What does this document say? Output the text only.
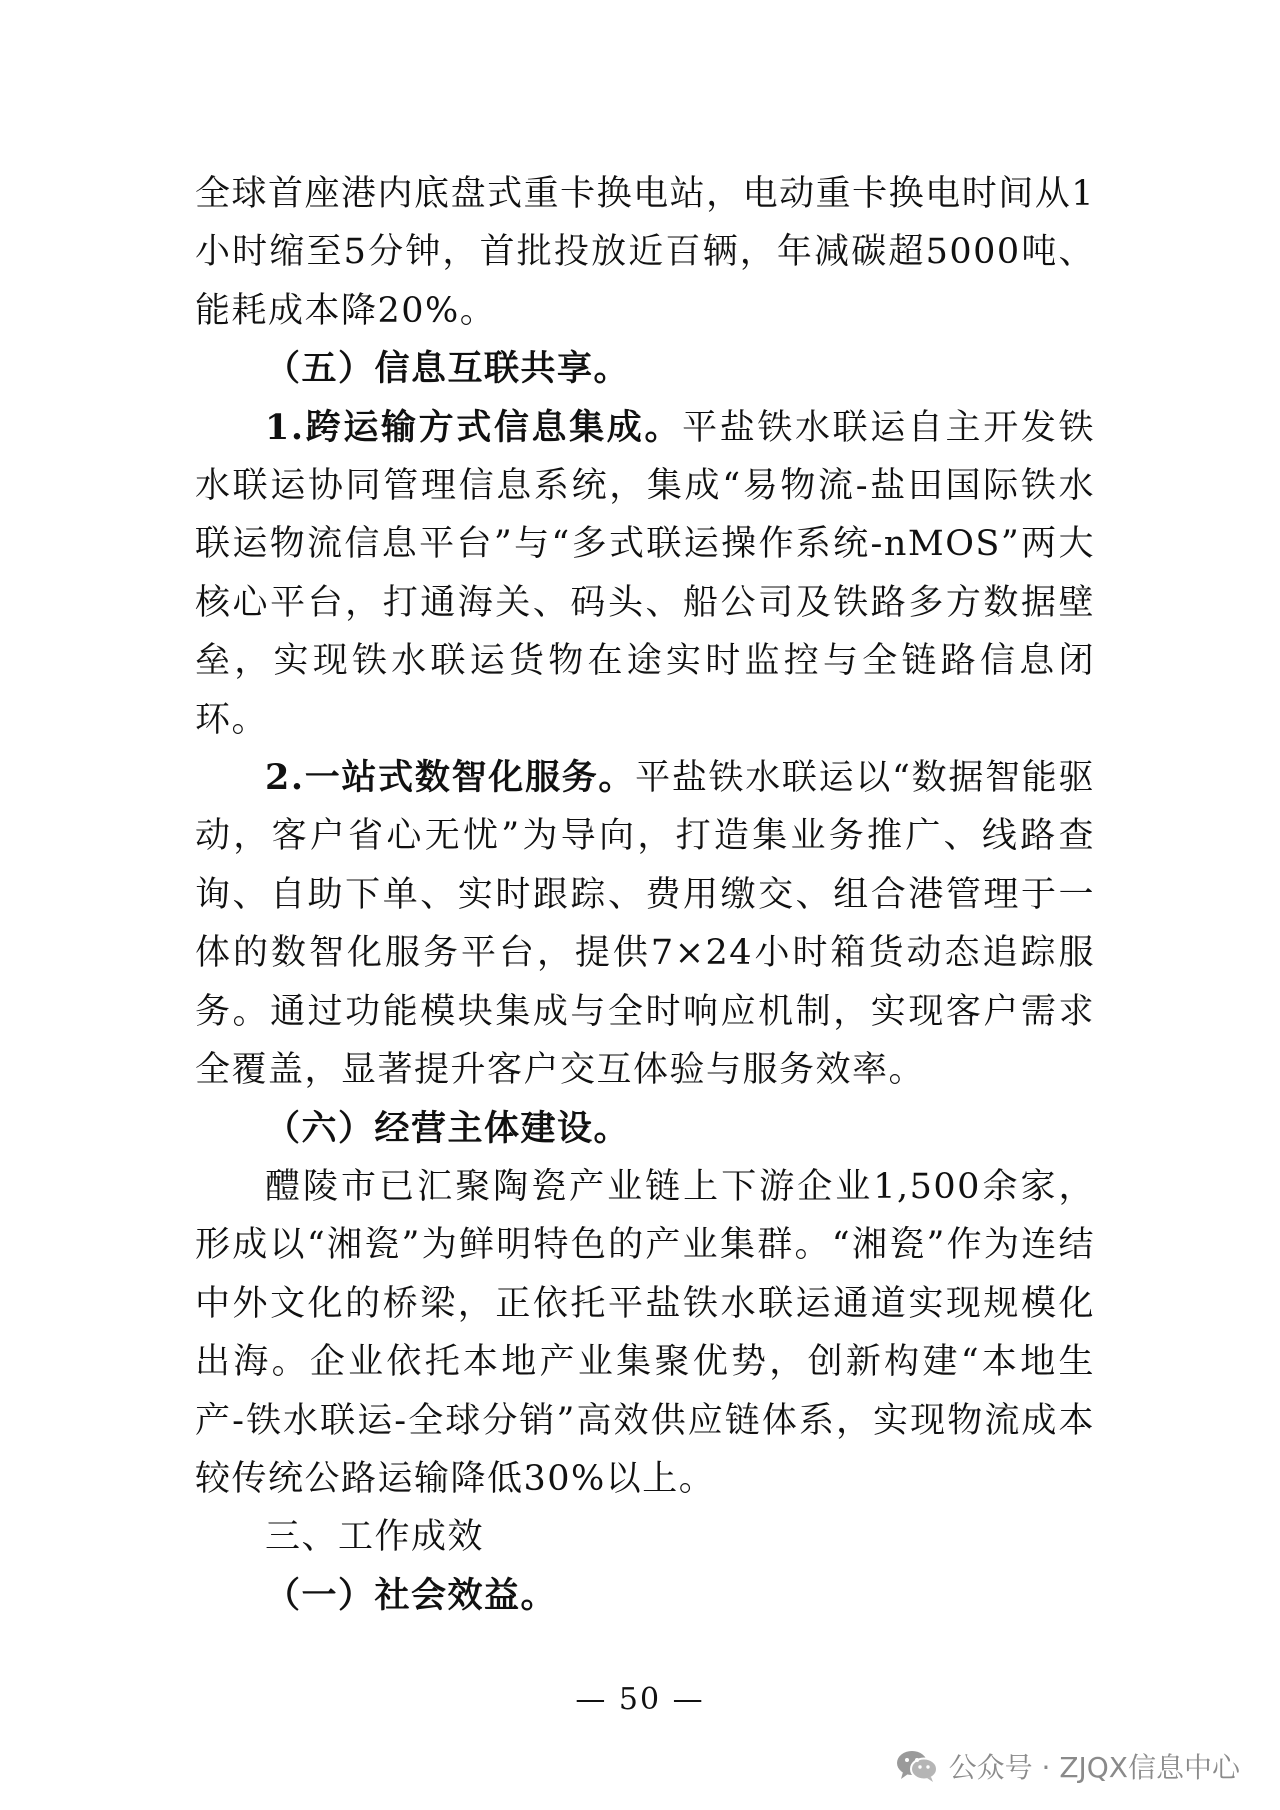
全球首座港内底盘式重卡换电站，电动重卡换电时间从1小时缩至5分钟，首批投放近百辆，年减碳超5000吨、能耗成本降20%。

（五）信息互联共享。

1.跨运输方式信息集成。平盐铁水联运自主开发铁水联运协同管理信息系统，集成“易物流-盐田国际铁水联运物流信息平台”与“多式联运操作系统-nMOS”两大核心平台，打通海关、码头、船公司及铁路多方数据壁垒，实现铁水联运货物在途实时监控与全链路信息闭环。

2.一站式数智化服务。平盐铁水联运以“数据智能驱动，客户省心无忧”为导向，打造集业务推广、线路查询、自助下单、实时跟踪、费用缴交、组合港管理于一体的数智化服务平台，提供7×24小时箱货动态追踪服务。通过功能模块集成与全时响应机制，实现客户需求全覆盖，显著提升客户交互体验与服务效率。

（六）经营主体建设。

醴陵市已汇聚陶瓷产业链上下游企业1,500余家，形成以“湘瓷”为鲜明特色的产业集群。“湘瓷”作为连结中外文化的桥梁，正依托平盐铁水联运通道实现规模化出海。企业依托本地产业集聚优势，创新构建“本地生产-铁水联运-全球分销”高效供应链体系，实现物流成本较传统公路运输降低30%以上。

三、工作成效

（一）社会效益。

— 50 —
公众号 · ZJQX信息中心
